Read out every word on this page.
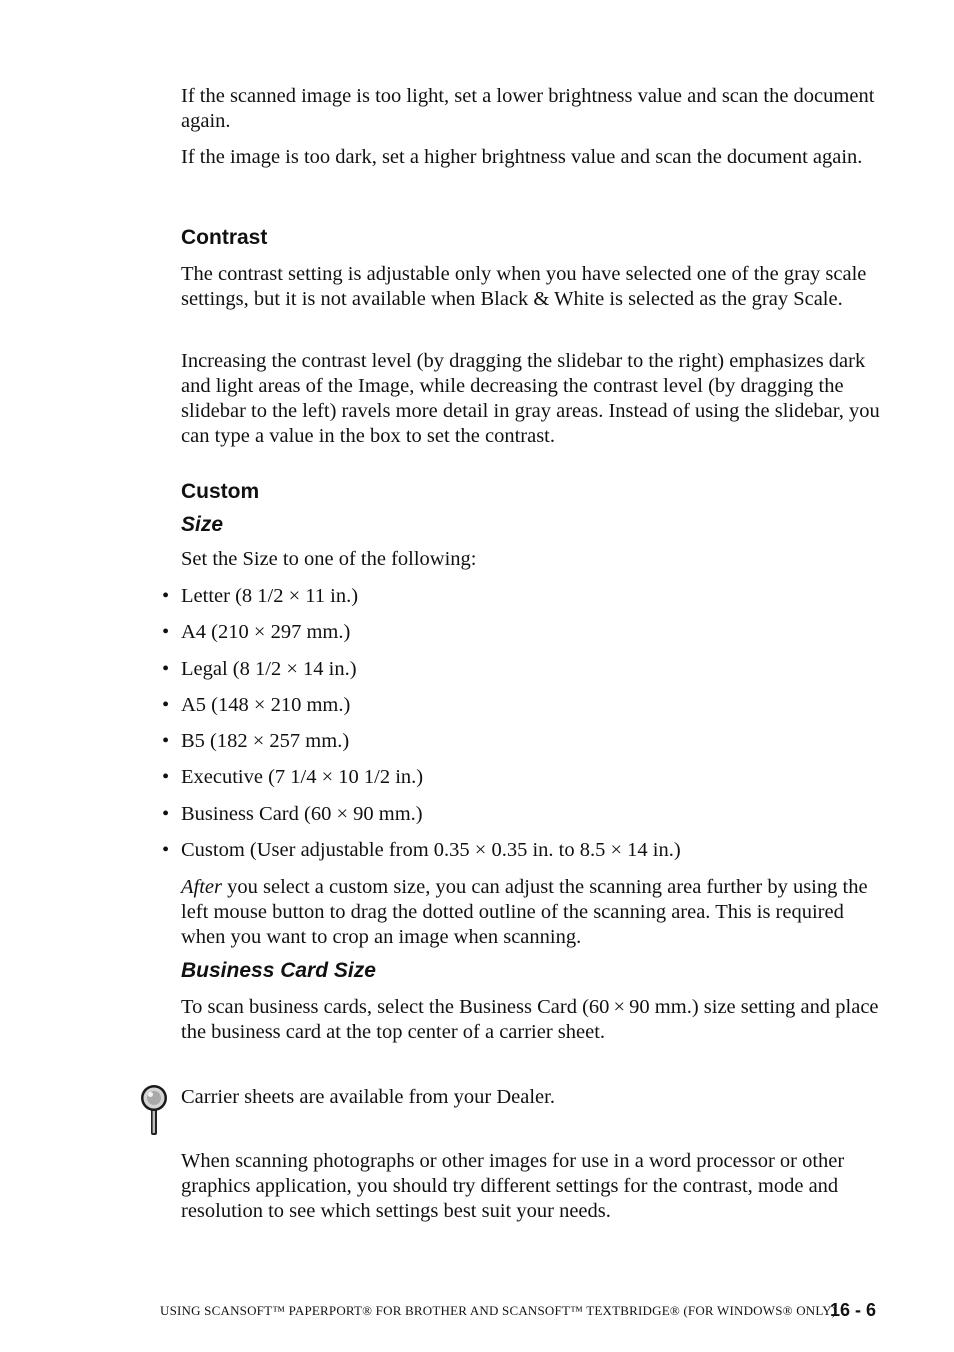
If the scanned image is too light, set a lower brightness value and scan the document again.

If the image is too dark, set a higher brightness value and scan the document again.

Contrast

The contrast setting is adjustable only when you have selected one of the gray scale settings, but it is not available when Black & White is selected as the gray Scale.

Increasing the contrast level (by dragging the slidebar to the right) emphasizes dark and light areas of the Image, while decreasing the contrast level (by dragging the slidebar to the left) ravels more detail in gray areas. Instead of using the slidebar, you can type a value in the box to set the contrast.

Custom
Size

Set the Size to one of the following:

• Letter (8 1/2 × 11 in.)

• A4 (210 × 297 mm.)

• Legal (8 1/2 × 14 in.)

• A5 (148 × 210 mm.)

• B5 (182 × 257 mm.)

• Executive (7 1/4 × 10 1/2 in.)

• Business Card (60 × 90 mm.)

• Custom (User adjustable from 0.35 × 0.35 in. to 8.5 × 14 in.)

After you select a custom size, you can adjust the scanning area further by using the left mouse button to drag the dotted outline of the scanning area. This is required when you want to crop an image when scanning.

Business Card Size

To scan business cards, select the Business Card (60 × 90 mm.) size setting and place the business card at the top center of a carrier sheet.

Carrier sheets are available from your Dealer.

When scanning photographs or other images for use in a word processor or other graphics application, you should try different settings for the contrast, mode and resolution to see which settings best suit your needs.

USING SCANSOFT™ PAPERPORT® FOR BROTHER AND SCANSOFT™ TEXTBRIDGE® (FOR WINDOWS® ONLY)
16 - 6
